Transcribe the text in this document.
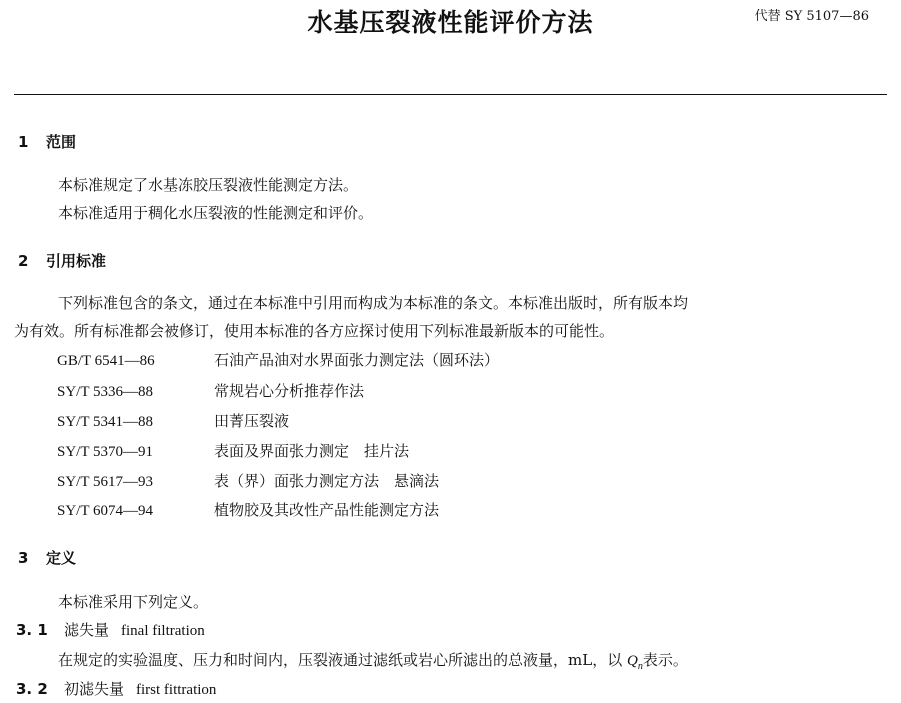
水基压裂液性能评价方法	代替 SY 5107—86
1 范围
本标准规定了水基冻胶压裂液性能测定方法。
本标准适用于稠化水压裂液的性能测定和评价。
2 引用标准
下列标准包含的条文，通过在本标准中引用而构成为本标准的条文。本标准出版时，所有版本均
为有效。所有标准都会被修订，使用本标准的各方应探讨使用下列标准最新版本的可能性。
GB/T 6541—86	石油产品油对水界面张力测定法（圆环法）
SY/T 5336—88	常规岩心分析推荐作法
SY/T 5341—88	田菁压裂液
SY/T 5370—91	表面及界面张力测定　挂片法
SY/T 5617—93	表（界）面张力测定方法　悬滴法
SY/T 6074—94	植物胶及其改性产品性能测定方法
3 定义
本标准采用下列定义。
3. 1 滤失量 final filtration
在规定的实验温度、压力和时间内，压裂液通过滤纸或岩心所滤出的总液量，mL，以 $Q_n$表示。
3. 2 初滤失量 first fittration
